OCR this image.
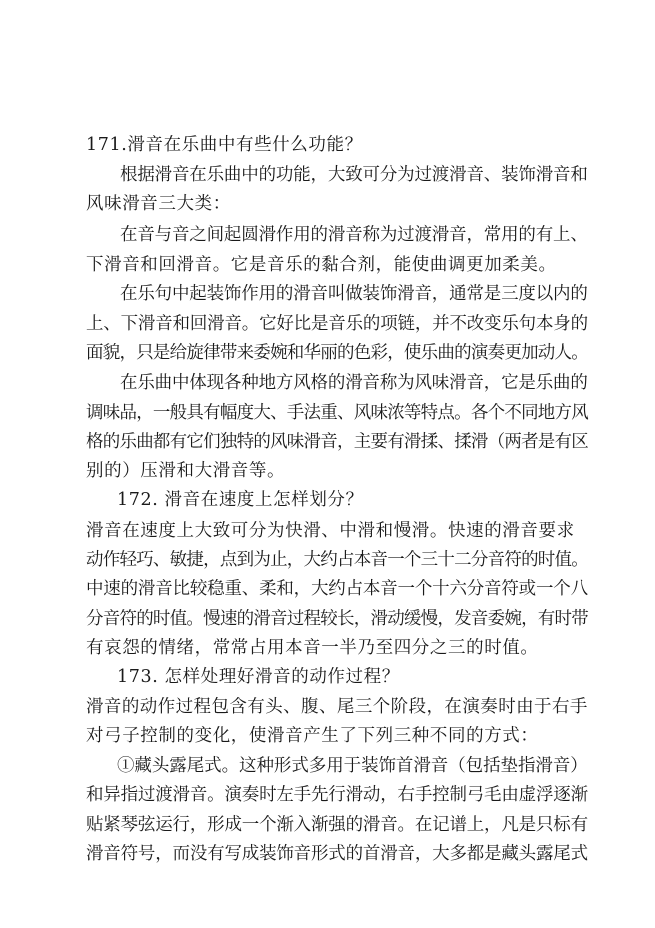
171.滑音在乐曲中有些什么功能？
根据滑音在乐曲中的功能，大致可分为过渡滑音、装饰滑音和
风味滑音三大类：
在音与音之间起圆滑作用的滑音称为过渡滑音，常用的有上、
下滑音和回滑音。它是音乐的黏合剂，能使曲调更加柔美。
在乐句中起装饰作用的滑音叫做装饰滑音，通常是三度以内的
上、下滑音和回滑音。它好比是音乐的项链，并不改变乐句本身的
面貌，只是给旋律带来委婉和华丽的色彩，使乐曲的演奏更加动人。
在乐曲中体现各种地方风格的滑音称为风味滑音，它是乐曲的
调味品，一般具有幅度大、手法重、风味浓等特点。各个不同地方风
格的乐曲都有它们独特的风味滑音，主要有滑揉、揉滑（两者是有区
别的）压滑和大滑音等。
172. 滑音在速度上怎样划分？
滑音在速度上大致可分为快滑、中滑和慢滑。快速的滑音要求
动作轻巧、敏捷，点到为止，大约占本音一个三十二分音符的时值。
中速的滑音比较稳重、柔和，大约占本音一个十六分音符或一个八
分音符的时值。慢速的滑音过程较长，滑动缓慢，发音委婉，有时带
有哀怨的情绪，常常占用本音一半乃至四分之三的时值。
173. 怎样处理好滑音的动作过程？
滑音的动作过程包含有头、腹、尾三个阶段，在演奏时由于右手
对弓子控制的变化，使滑音产生了下列三种不同的方式：
①藏头露尾式。这种形式多用于装饰首滑音（包括垫指滑音）
和异指过渡滑音。演奏时左手先行滑动，右手控制弓毛由虚浮逐渐
贴紧琴弦运行，形成一个渐入渐强的滑音。在记谱上，凡是只标有
滑音符号，而没有写成装饰音形式的首滑音，大多都是藏头露尾式
